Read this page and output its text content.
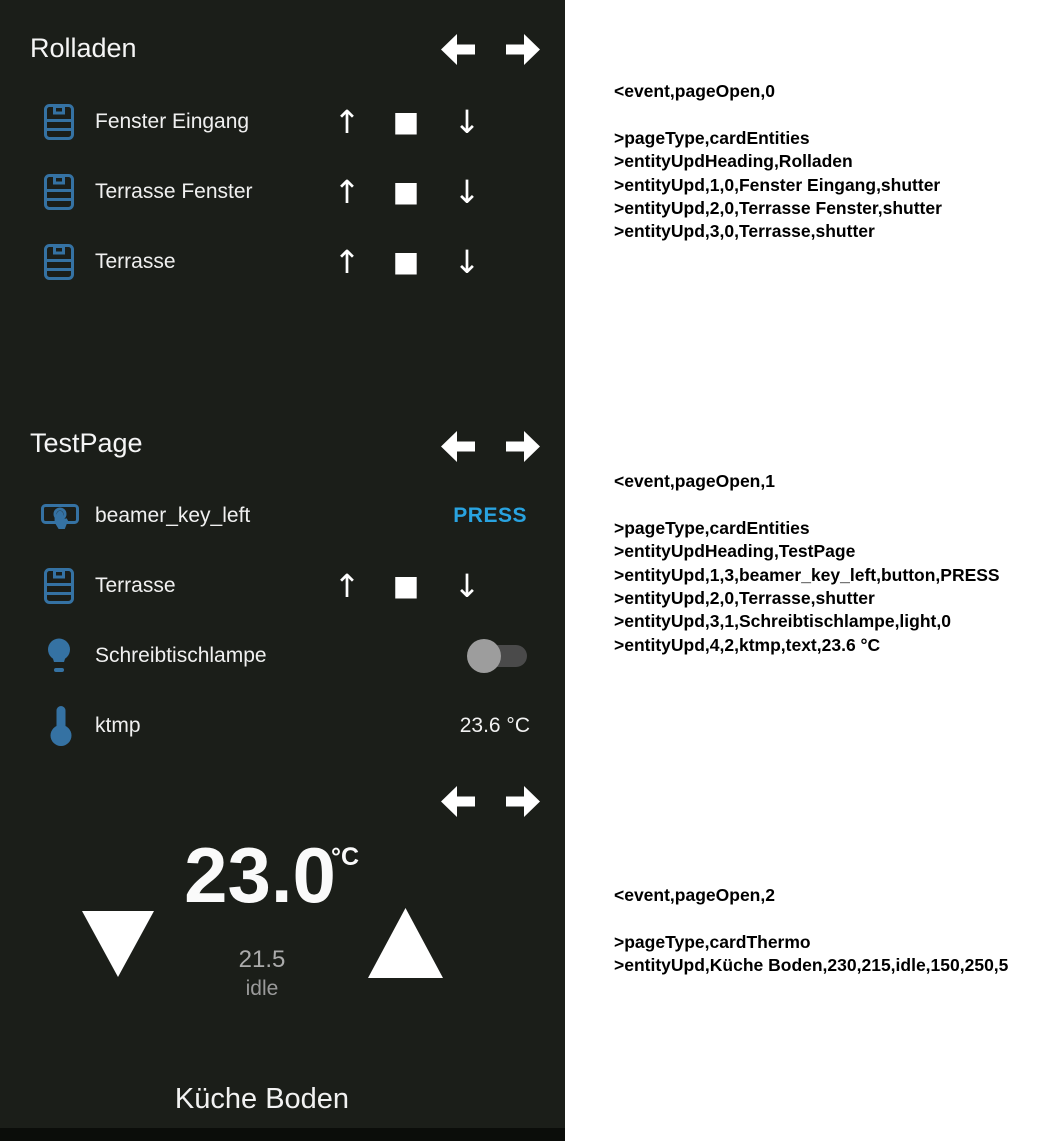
Rolladen
Fenster Eingang	↑ ■ ↓
Terrasse Fenster	↑ ■ ↓
Terrasse	↑ ■ ↓
TestPage
beamer_key_left	PRESS
Terrasse	↑ ■ ↓
Schreibtischlampe
ktmp	23.6 °C
23.0
°C
21.5
idle
Küche Boden
<event,pageOpen,0

>pageType,cardEntities
>entityUpdHeading,Rolladen
>entityUpd,1,0,Fenster Eingang,shutter
>entityUpd,2,0,Terrasse Fenster,shutter
>entityUpd,3,0,Terrasse,shutter
<event,pageOpen,1

>pageType,cardEntities
>entityUpdHeading,TestPage
>entityUpd,1,3,beamer_key_left,button,PRESS
>entityUpd,2,0,Terrasse,shutter
>entityUpd,3,1,Schreibtischlampe,light,0
>entityUpd,4,2,ktmp,text,23.6 °C
<event,pageOpen,2

>pageType,cardThermo
>entityUpd,Küche Boden,230,215,idle,150,250,5
